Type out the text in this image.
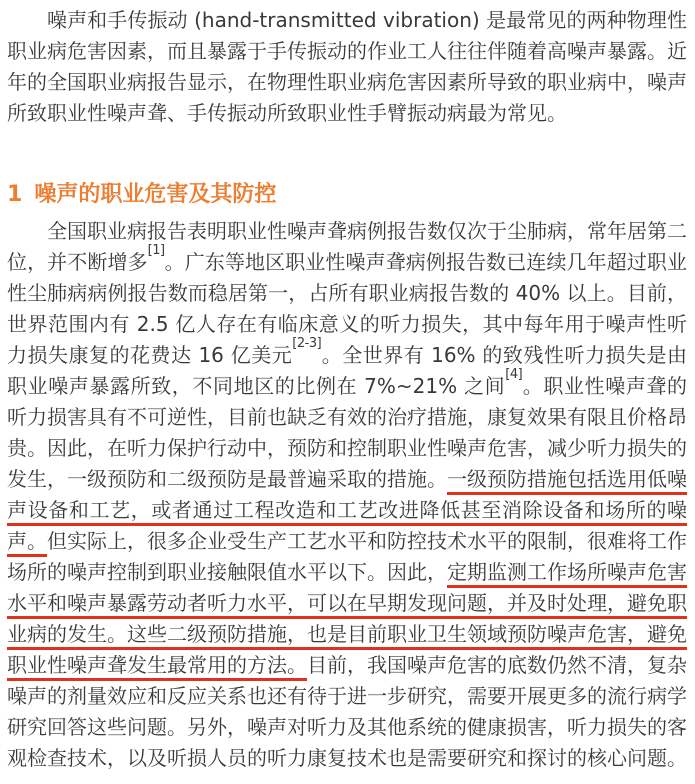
噪声和手传振动 (hand-transmitted vibration) 是最常见的两种物理性职业病危害因素，而且暴露于手传振动的作业工人往往伴随着高噪声暴露。近年的全国职业病报告显示，在物理性职业病危害因素所导致的职业病中，噪声所致职业性噪声聋、手传振动所致职业性手臂振动病最为常见。

1 噪声的职业危害及其防控

全国职业病报告表明职业性噪声聋病例报告数仅次于尘肺病，常年居第二位，并不断增多[1]。广东等地区职业性噪声聋病例报告数已连续几年超过职业性尘肺病病例报告数而稳居第一，占所有职业病报告数的 40% 以上。目前，世界范围内有 2.5 亿人存在有临床意义的听力损失，其中每年用于噪声性听力损失康复的花费达 16 亿美元[2-3]。全世界有 16% 的致残性听力损失是由职业噪声暴露所致，不同地区的比例在 7%~21% 之间[4]。职业性噪声聋的听力损害具有不可逆性，目前也缺乏有效的治疗措施，康复效果有限且价格昂贵。因此，在听力保护行动中，预防和控制职业性噪声危害，减少听力损失的发生，一级预防和二级预防是最普遍采取的措施。一级预防措施包括选用低噪声设备和工艺，或者通过工程改造和工艺改进降低甚至消除设备和场所的噪声。但实际上，很多企业受生产工艺水平和防控技术水平的限制，很难将工作场所的噪声控制到职业接触限值水平以下。因此，定期监测工作场所噪声危害水平和噪声暴露劳动者听力水平，可以在早期发现问题，并及时处理，避免职业病的发生。这些二级预防措施，也是目前职业卫生领域预防噪声危害，避免职业性噪声聋发生最常用的方法。目前，我国噪声危害的底数仍然不清，复杂噪声的剂量效应和反应关系也还有待于进一步研究，需要开展更多的流行病学研究回答这些问题。另外，噪声对听力及其他系统的健康损害，听力损失的客观检查技术，以及听损人员的听力康复技术也是需要研究和探讨的核心问题。
